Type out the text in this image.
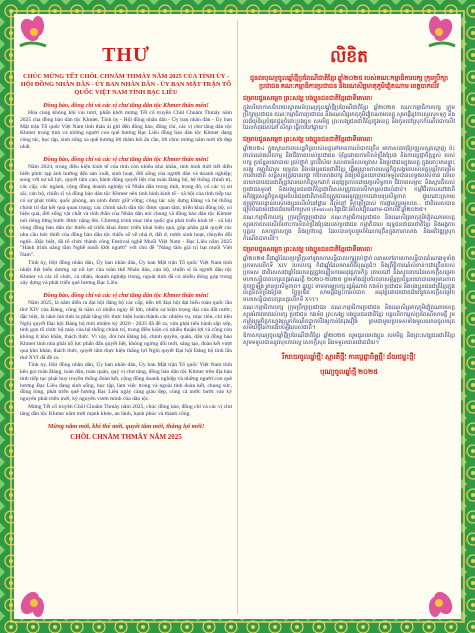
THƯ
CHÚC MỪNG TẾT CHÔL CHNĂM THMÂY NĂM 2025 CỦA TỈNH ỦY - HỘI ĐỒNG NHÂN DÂN - ỦY BAN NHÂN DÂN - ỦY BAN MẶT TRẬN TỔ QUỐC VIỆT NAM TỈNH BẠC LIÊU
Đồng bào, đồng chí và các vị chư tăng dân tộc Khmer thân mến!
Hòa cùng không khí vui tươi, phấn khởi mừng Tết cổ truyền Chôl Chnăm Thmây năm 2025 của đồng bào dân tộc Khmer, Tỉnh ủy - Hội đồng nhân dân - Ủy ban nhân dân - Ủy ban Mặt trận Tổ quốc Việt Nam tỉnh thân ái gửi đến đồng bào, đồng chí, các vị chư tăng dân tộc Khmer trong tỉnh và những người con quê hương Bạc Liêu đồng bào dân tộc Khmer đang công tác, học tập, sinh sống xa quê hương lời thăm hỏi ân cần, lời chúc mừng năm mới tốt đẹp nhất.
Đồng bào, đồng chí và các vị chư tăng dân tộc Khmer thân mến!
Năm 2024, trong điều kiện kinh tế của tỉnh còn nhiều khó khăn, tình hình thời tiết diễn biến phức tạp ảnh hưởng đến sản xuất, sinh hoạt, đời sống của người dân và doanh nghiệp; song với sự nỗ lực, quyết tâm cao, hành động quyết liệt của toàn Đảng bộ, hệ thống chính trị, các cấp, các ngành, cộng đồng doanh nghiệp và Nhân dân trong tỉnh, trong đó, có các vị sư sãi, cán bộ, chiến sĩ và đồng bào dân tộc Khmer nên tình hình kinh tế - xã hội của tỉnh tiếp tục có sự phát triển; quốc phòng, an ninh được giữ vững; công tác xây dựng Đảng và hệ thống chính trị đạt kết quả quan trọng; các chính sách dân tộc được quan tâm, triển khai đồng bộ, có hiệu quả, đời sống vật chất và tinh thần của Nhân dân nói chung và đồng bào dân tộc Khmer nói riêng từng bước được nâng lên. Chương trình mục tiêu quốc gia phát triển kinh tế - xã hội vùng đồng bào dân tộc thiểu số triển khai được triển khai hiệu quả, góp phần giải quyết các nhu cầu bức thiết của đồng bào dân tộc thiểu số về nhà ở, đất ở, nước sinh hoạt, chuyển đổi nghề...Đặc biệt, đã tổ chức thành công Festival nghề Muối Việt Nam - Bạc Liêu năm 2025 "Hành trình nâng tầm Nghề muối Đời người" với chủ đề "Nâng tầm giá trị hạt muối Việt Nam".
Tỉnh ủy, Hội đồng nhân dân, Ủy ban nhân dân, Ủy ban Mặt trận Tổ quốc Việt Nam tỉnh nhiệt liệt biểu dương sự nỗ lực của toàn thể Nhân dân, cán bộ, chiến sĩ là người dân tộc Khmer và các tổ chức, cá nhân, doanh nghiệp trong, ngoài tỉnh đã có nhiều đóng góp trong xây dựng và phát triển quê hương Bạc Liêu.
Đồng bào, đồng chí và các vị chư tăng dân tộc Khmer thân mến!
Năm 2025, là năm diễn ra đại hội đảng bộ các cấp, tiến tới Đại hội đại biểu toàn quốc lần thứ XIV của Đảng, cũng là năm có nhiều ngày lễ lớn, nhiều sự kiện trọng đại của đất nước; đặc biệt, là năm mà tỉnh ta phải tăng tốc thực hiện hoàn thành các nhiệm vụ, mục tiêu, chỉ tiêu Nghị quyết Đại hội Đảng bộ tỉnh nhiệm kỳ 2020 - 2025 đã đề ra, vừa phải tiến hành sắp xếp, tinh gọn tổ chức bộ máy của hệ thống chính trị, trong điều kiện có nhiều thuận lợi và cũng còn không ít khó khăn, thách thức. Vì vậy, đòi hỏi Đảng bộ, chính quyền, quân, dân và đồng bào Khmer tỉnh nhà phải nỗ lực phấn đấu quyết liệt, không ngừng đổi mới, sáng tạo, đoàn kết vượt qua khó khăn, thách thức, quyết tâm thực hiện thắng lợi Nghị quyết Đại hội Đảng bộ tỉnh lần thứ XVI đã đề ra.
Tỉnh ủy, Hội đồng nhân dân, Ủy ban nhân dân, Ủy ban Mặt trận Tổ quốc Việt Nam tỉnh kêu gọi toàn Đảng, toàn dân, toàn quân, quý vị chư tăng, đồng bào dân tộc Khmer trên địa bàn tỉnh tiếp tục phát huy truyền thống đoàn kết, cộng đồng doanh nghiệp và những người con quê hương Bạc Liêu đang sinh sống, học tập, làm việc trong và ngoài tỉnh đoàn kết, chung sức, đồng lòng, phát triển quê hương Bạc Liêu ngày càng giàu đẹp, cùng cả nước bước vào kỷ nguyên phát triển mới, kỷ nguyên vươn mình của dân tộc.
Mừng Tết cổ truyền Chôl Chnăm Thmây năm 2025, chúc đồng bào, đồng chí và các vị chư tăng dân tộc Khmer năm mới mạnh khỏe, an lành, hạnh phúc và thành công.
Mừng năm mới, khí thế mới, quyết tâm mới, thắng lợi mới!
CHÔL CHNĂM THMÂY NĂM 2025
លិខិត
ជូនពរបុណ្យចូលឆ្នាំថ្មីប្រពៃណីជាតិខ្មែរ ឆ្នាំ២០២៥ របស់គណៈកម្មាធិការបក្ស ក្រុមប្រឹក្សាប្រជាជន គណៈកម្មាធិការប្រជាជន និងរណសិរ្សមាតុភូមិវៀតណាម ខេត្តបាកលីវ
ជម្រាបជូនសម្ដេច ព្រះសង្ឃ បងប្អូនជនជាតិខ្មែរជាទីគោរព!
ក្នុងបរិយាកាសរីករាយស្វាគមន៍បុណ្យចូលឆ្នាំថ្មីប្រពៃណីជាតិខ្មែរ ឆ្នាំ២០២៥ គណៈកម្មាធិការបក្ស ក្រុមប្រឹក្សាប្រជាជន គណៈកម្មាធិការប្រជាជន និងរណសិរ្សមាតុភូមិវៀតណាមខេត្ត សូមផ្ញើនូវការសួរសុខទុក្ខ និងពរជ័យដ៏ល្អបំផុតជូនចំពោះបងប្អូន សមមិត្ត ព្រះសង្ឃជនជាតិខ្មែរក្នុងខេត្ត និងកូនចៅស្រុកកំណើតបាកលីវដែលកំពុងរស់នៅ សិក្សា ធ្វើការនៅឆ្ងាយ។
ជម្រាបជូនសម្ដេច ព្រះសង្ឃ បងប្អូនជនជាតិខ្មែរជាទីគោរព!
ឆ្នាំ២០២៤ ក្នុងស្ថានភាពសេដ្ឋកិច្ចរបស់ខេត្តនៅមានការលំបាកច្រើន អាកាសធាតុប្រែប្រួលស្មុគស្មាញ ប៉ះពាល់ដល់ផលិតកម្ម និងជីវភាពរបស់ប្រជាជន ប៉ុន្តែដោយការខិតខំប្រឹងប្រែង និងការប្ដេជ្ញាចិត្តខ្ពស់ របស់បក្ស ប្រព័ន្ធនយោបាយ គ្រប់ថ្នាក់ គ្រប់វិស័យ សហគមន៍សហគ្រាស និងប្រជាជនក្នុងខេត្ត ក្នុងនោះមានព្រះសង្ឃ កម្មាភិបាល យុទ្ធជន និងបងប្អូនជនជាតិខ្មែរ ធ្វើឲ្យស្ថានភាពសេដ្ឋកិច្ចសង្គមរបស់ខេត្តបន្តរីកចម្រើន ការពារជាតិ សន្តិសុខត្រូវបានរក្សា ការកសាងបក្ស និងប្រព័ន្ធនយោបាយទទួលបានលទ្ធផលសំខាន់ គោលនយោបាយជនជាតិត្រូវបានយកចិត្តទុកដាក់ អនុវត្តប្រកបដោយប្រសិទ្ធភាព ជីវភាពសម្ភារៈ និងស្មារតីរបស់ប្រជាជនទូទៅ និងបងប្អូនជនជាតិខ្មែរជាពិសេសត្រូវបានលើកកម្ពស់ជាលំដាប់។ កម្មវិធីគោលដៅជាតិអភិវឌ្ឍសេដ្ឋកិច្ចសង្គមតំបន់ជនជាតិភាគតិចត្រូវបានអនុវត្តប្រកបដោយប្រសិទ្ធភាព ជួយដោះស្រាយតម្រូវការបន្ទាន់របស់បងប្អូនលើលំនៅដ្ឋាន ដីលំនៅ ទឹកប្រើប្រាស់ ការផ្លាស់ប្ដូរមុខរបរ... ជាពិសេសបានរៀបចំដោយជោគជ័យមហោស្រព (Festival) វិជ្ជាជីវៈអំបិលវៀតណាម-បាកលីវ ឆ្នាំ២០២៥។
គណៈកម្មាធិការបក្ស ក្រុមប្រឹក្សាប្រជាជន គណៈកម្មាធិការប្រជាជន និងរណសិរ្សមាតុភូមិវៀតណាមខេត្ត សូមកោតសរសើរចំពោះការខិតខំប្រឹងប្រែងរបស់ប្រជាជន កម្មាភិបាល យុទ្ធជនជាជនជាតិខ្មែរ និងអង្គការ បុគ្គល សហគ្រាសក្នុង និងក្រៅខេត្ត ដែលបានចូលរួមចំណែកច្រើនក្នុងការកសាង និងអភិវឌ្ឍស្រុកកំណើតបាកលីវ។
ជម្រាបជូនសម្ដេច ព្រះសង្ឃ បងប្អូនជនជាតិខ្មែរជាទីគោរព!
ឆ្នាំ២០២៥ គឺជាឆ្នាំដែលប្រព្រឹត្តទៅនូវមហាសន្និបាតបក្សគ្រប់ថ្នាក់ ឈានទៅរកមហាសន្និបាតតំណាងទូទាំងប្រទេសលើកទី XIV របស់បក្ស ក៏ជាឆ្នាំដែលមានពិធីបុណ្យធំៗ និងព្រឹត្តិការណ៍សំខាន់ៗជាច្រើនរបស់ប្រទេស ជាពិសេសជាឆ្នាំដែលខេត្តត្រូវពន្លឿនការអនុវត្តភារកិច្ច គោលដៅ និងសូចនាករនៃសេចក្ដីសម្រេចមហាសន្និបាតបក្សខេត្តអាណត្តិ ២០២០-២០២៥ ព្រមទាំងរៀបចំរចនាសម្ព័ន្ធប្រព័ន្ធនយោបាយឲ្យមានភាពតូចច្រឡឹង មានប្រសិទ្ធភាព។ ដូច្នេះ ទាមទារឲ្យបក្ស រដ្ឋអំណាច កងទ័ព ប្រជាជន និងបងប្អូនជនជាតិខ្មែរក្នុងខេត្តខិតខំប្រឹងប្រែង ច្នៃប្រឌិត សាមគ្គីជម្នះការលំបាក អនុវត្តដោយជោគជ័យនូវសេចក្ដីសម្រេចមហាសន្និបាតបក្សខេត្តលើកទី XVI។
គណៈកម្មាធិការបក្ស ក្រុមប្រឹក្សាប្រជាជន គណៈកម្មាធិការប្រជាជន និងរណសិរ្សមាតុភូមិវៀតណាមខេត្ត សូមអំពាវនាវដល់បក្ស ប្រជាជន កងទ័ព ព្រះសង្ឃ បងប្អូនជនជាតិខ្មែរ បន្តលើកកម្ពស់ប្រពៃណីសាមគ្គី រួមកម្លាំងរួមចិត្តកសាងស្រុកកំណើតបាកលីវឲ្យកាន់តែរុងរឿង ព្រមជាមួយប្រទេសទាំងមូលឈានចូលយុគសម័យថ្មីនៃការងើបឡើងរបស់ជាតិ។
ឱកាសបុណ្យចូលឆ្នាំថ្មីប្រពៃណីជាតិខ្មែរ ឆ្នាំ២០២៥ សូមជូនពរបងប្អូន សមមិត្ត និងព្រះសង្ឃជនជាតិខ្មែរ សូមទទួលបាននូវសុខភាពល្អ សេចក្ដីសុខ និងទទួលបានជោគជ័យ។
រីករាយចូលឆ្នាំថ្មី! ស្មារតីថ្មី! ការប្ដេជ្ញាចិត្តថ្មី! ជ័យជម្នះថ្មី!
បុណ្យចូលឆ្នាំថ្មី ២០២៥
